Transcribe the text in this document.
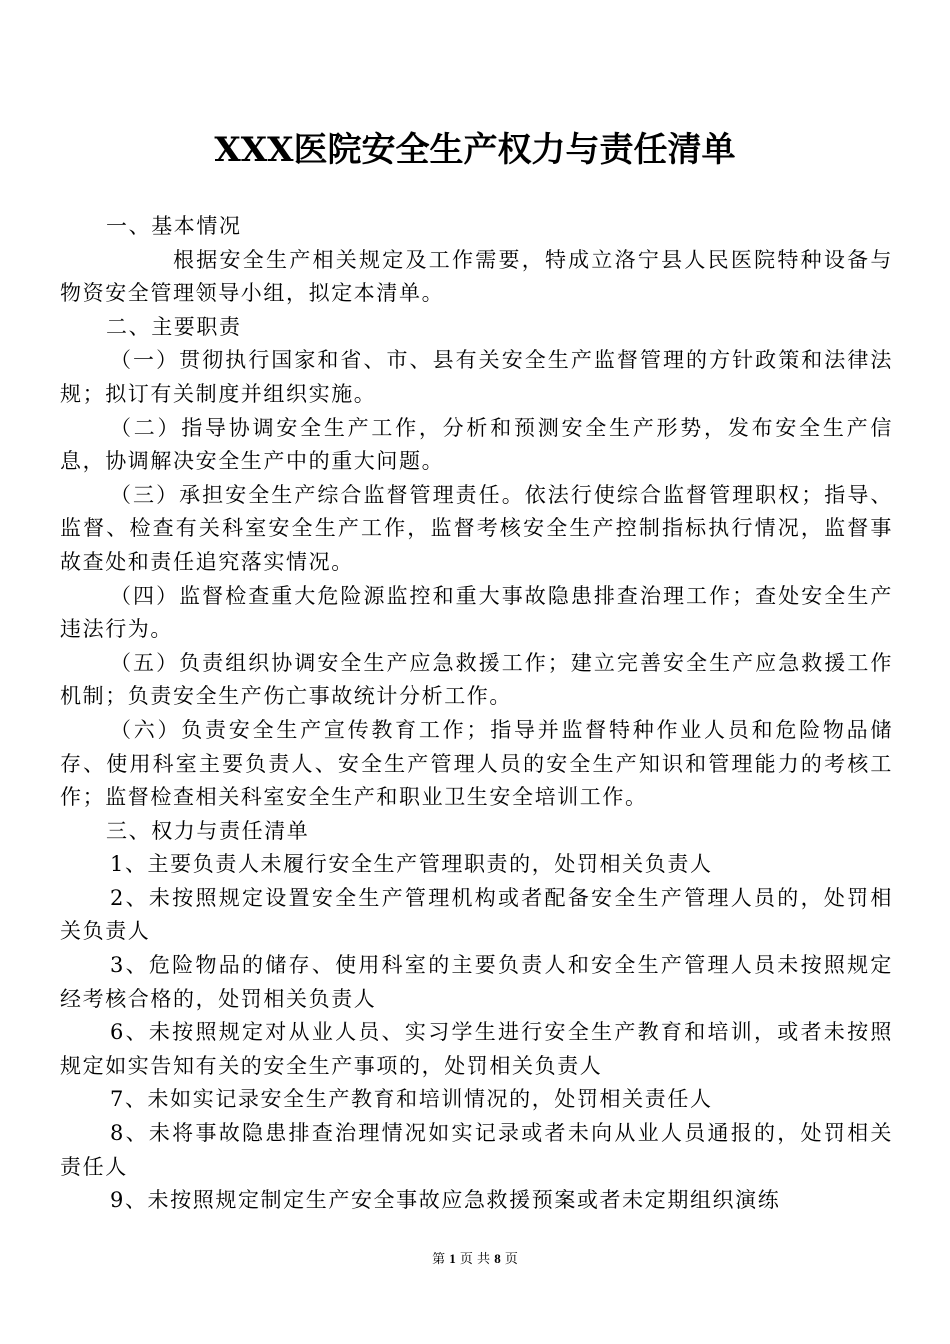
XXX医院安全生产权力与责任清单

一、基本情况

根据安全生产相关规定及工作需要，特成立洛宁县人民医院特种设备与物资安全管理领导小组，拟定本清单。

二、主要职责

（一）贯彻执行国家和省、市、县有关安全生产监督管理的方针政策和法律法规；拟订有关制度并组织实施。

（二）指导协调安全生产工作，分析和预测安全生产形势，发布安全生产信息，协调解决安全生产中的重大问题。

（三）承担安全生产综合监督管理责任。依法行使综合监督管理职权；指导、监督、检查有关科室安全生产工作，监督考核安全生产控制指标执行情况，监督事故查处和责任追究落实情况。

（四）监督检查重大危险源监控和重大事故隐患排查治理工作；查处安全生产违法行为。

（五）负责组织协调安全生产应急救援工作；建立完善安全生产应急救援工作机制；负责安全生产伤亡事故统计分析工作。

（六）负责安全生产宣传教育工作；指导并监督特种作业人员和危险物品储存、使用科室主要负责人、安全生产管理人员的安全生产知识和管理能力的考核工作；监督检查相关科室安全生产和职业卫生安全培训工作。

三、权力与责任清单

1、主要负责人未履行安全生产管理职责的，处罚相关负责人

2、未按照规定设置安全生产管理机构或者配备安全生产管理人员的，处罚相关负责人

3、危险物品的储存、使用科室的主要负责人和安全生产管理人员未按照规定经考核合格的，处罚相关负责人

6、未按照规定对从业人员、实习学生进行安全生产教育和培训，或者未按照规定如实告知有关的安全生产事项的，处罚相关负责人

7、未如实记录安全生产教育和培训情况的，处罚相关责任人

8、未将事故隐患排查治理情况如实记录或者未向从业人员通报的，处罚相关责任人

9、未按照规定制定生产安全事故应急救援预案或者未定期组织演练

第 1 页 共 8 页
